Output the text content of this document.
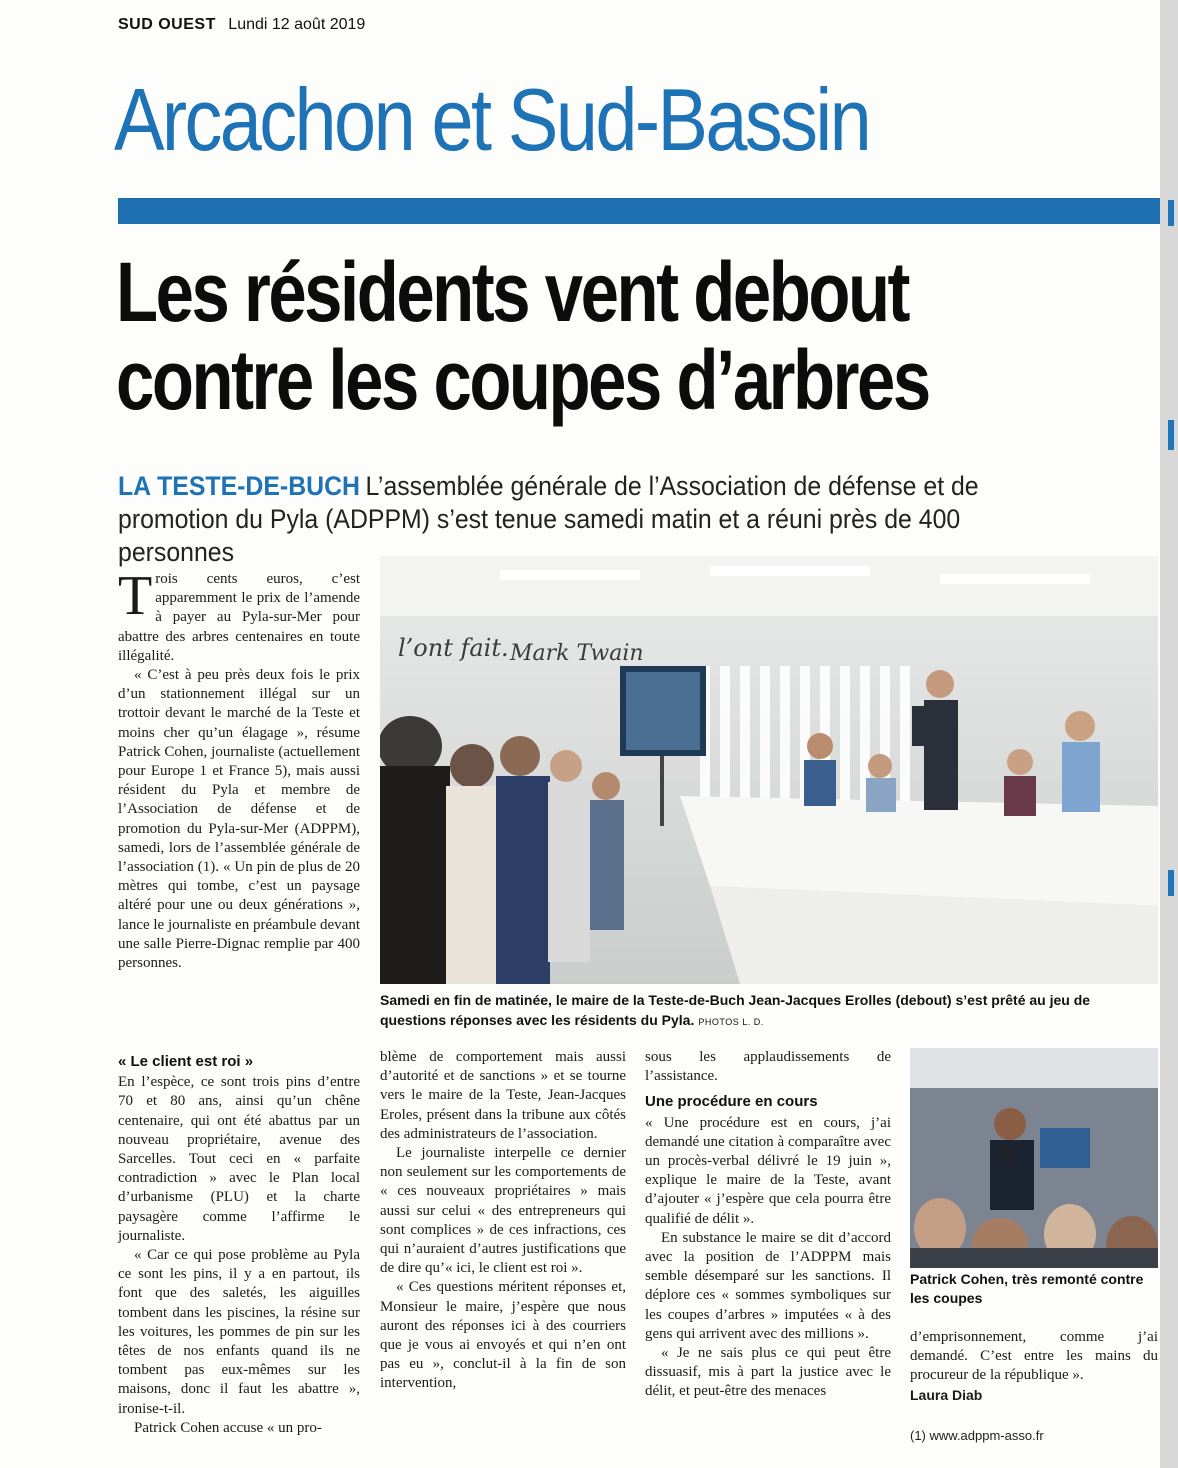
SUD OUEST Lundi 12 août 2019
Arcachon et Sud-Bassin
Les résidents vent debout
contre les coupes d’arbres
LA TESTE-DE-BUCH L’assemblée générale de l’Association de défense et de promotion du Pyla (ADPPM) s’est tenue samedi matin et a réuni près de 400 personnes
l’ont fait. Mark Twain
Samedi en fin de matinée, le maire de la Teste-de-Buch Jean-Jacques Erolles (debout) s’est prêté au jeu de questions réponses avec les résidents du Pyla. PHOTOS L. D.

Trois cents euros, c’est apparemment le prix de l’amende à payer au Pyla-sur-Mer pour abattre des arbres centenaires en toute illégalité.

« C’est à peu près deux fois le prix d’un stationnement illégal sur un trottoir devant le marché de la Teste et moins cher qu’un élagage », résume Patrick Cohen, journaliste (actuellement pour Europe 1 et France 5), mais aussi résident du Pyla et membre de l’Association de défense et de promotion du Pyla-sur-Mer (ADPPM), samedi, lors de l’assemblée générale de l’association (1). « Un pin de plus de 20 mètres qui tombe, c’est un paysage altéré pour une ou deux générations », lance le journaliste en préambule devant une salle Pierre-Dignac remplie par 400 personnes.

« Le client est roi »

En l’espèce, ce sont trois pins d’entre 70 et 80 ans, ainsi qu’un chêne centenaire, qui ont été abattus par un nouveau propriétaire, avenue des Sarcelles. Tout ceci en « parfaite contradiction » avec le Plan local d’urbanisme (PLU) et la charte paysagère comme l’affirme le journaliste.

« Car ce qui pose problème au Pyla ce sont les pins, il y a en partout, ils font que des saletés, les aiguilles tombent dans les piscines, la résine sur les voitures, les pommes de pin sur les têtes de nos enfants quand ils ne tombent pas eux-mêmes sur les maisons, donc il faut les abattre », ironise-t-il.

Patrick Cohen accuse « un pro-

blème de comportement mais aussi d’autorité et de sanctions » et se tourne vers le maire de la Teste, Jean-Jacques Eroles, présent dans la tribune aux côtés des administrateurs de l’association.

Le journaliste interpelle ce dernier non seulement sur les comportements de « ces nouveaux propriétaires » mais aussi sur celui « des entrepreneurs qui sont complices » de ces infractions, ces qui n’auraient d’autres justifications que de dire qu’« ici, le client est roi ».

« Ces questions méritent réponses et, Monsieur le maire, j’espère que nous auront des réponses ici à des courriers que je vous ai envoyés et qui n’en ont pas eu », conclut-il à la fin de son intervention,

sous les applaudissements de l’assistance.

Une procédure en cours

« Une procédure est en cours, j’ai demandé une citation à comparaître avec un procès-verbal délivré le 19 juin », explique le maire de la Teste, avant d’ajouter « j’espère que cela pourra être qualifié de délit ».

En substance le maire se dit d’accord avec la position de l’ADPPM mais semble désemparé sur les sanctions. Il déplore ces « sommes symboliques sur les coupes d’arbres » imputées « à des gens qui arrivent avec des millions ».

« Je ne sais plus ce qui peut être dissuasif, mis à part la justice avec le délit, et peut-être des menaces

Patrick Cohen, très remonté contre les coupes

d’emprisonnement, comme j’ai demandé. C’est entre les mains du procureur de la république ».

Laura Diab
(1) www.adppm-asso.fr
